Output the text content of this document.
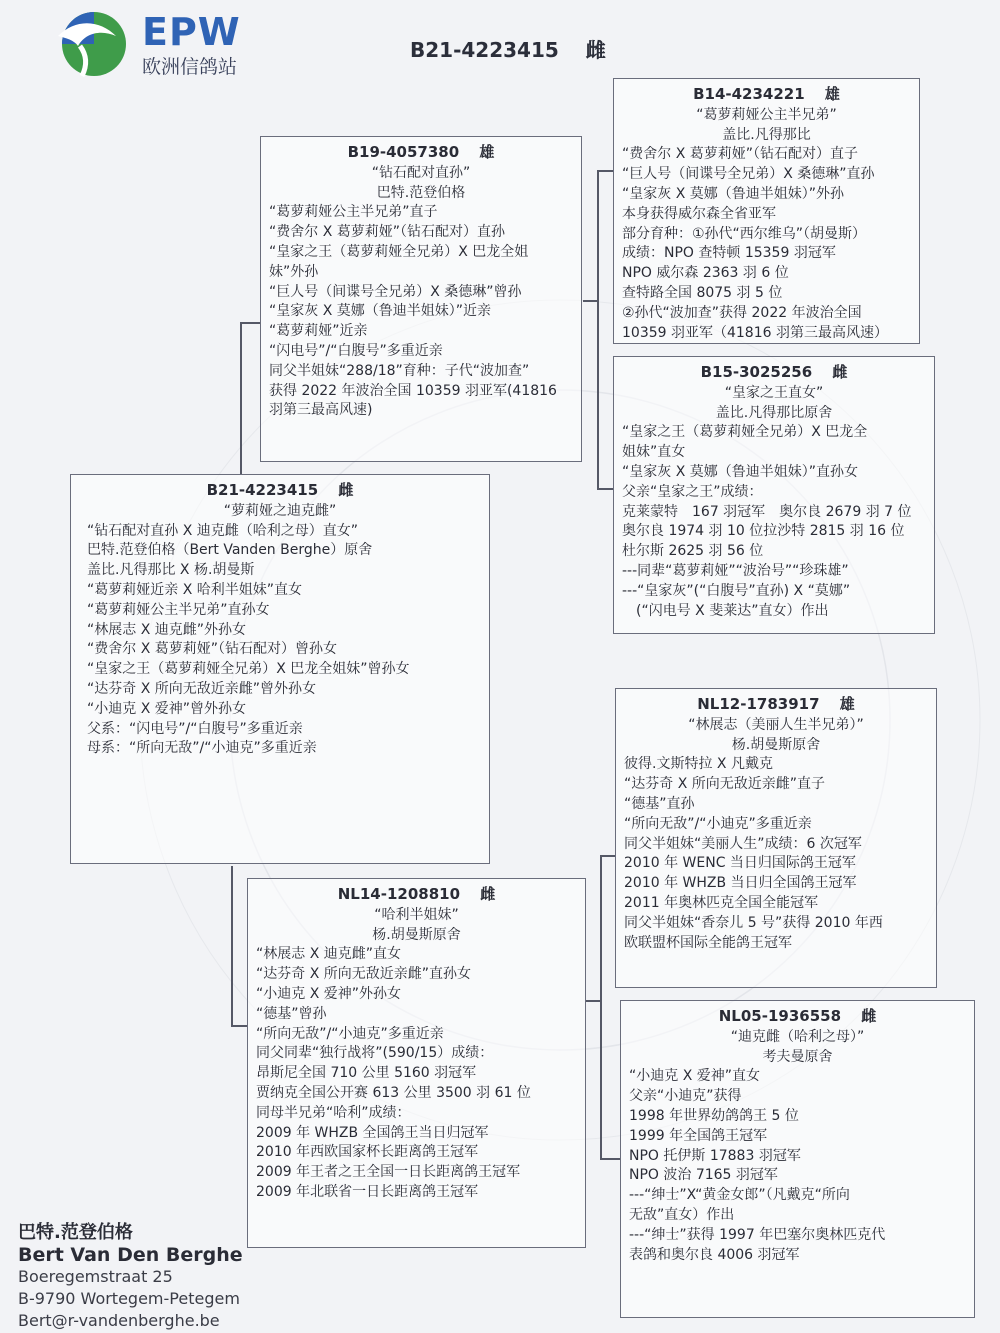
EPW
欧洲信鸽站
B21-4223415　 雌
B19-4057380　 雄
“钻石配对直孙”
巴特.范登伯格
“葛萝莉娅公主半兄弟”直子
“费舍尔 X 葛萝莉娅”（钻石配对）直孙
“皇家之王（葛萝莉娅全兄弟）X 巴龙全姐
妹”外孙
“巨人号（间谍号全兄弟）X 桑德琳”曾孙
“皇家灰 X 莫娜（鲁迪半姐妹）”近亲
“葛萝莉娅”近亲
“闪电号”/“白腹号”多重近亲
同父半姐妹“288/18”育种：子代“波加查”
获得 2022 年波治全国 10359 羽亚军(41816
羽第三最高风速)
B21-4223415　 雌
“萝莉娅之迪克雌”
“钻石配对直孙 X 迪克雌（哈利之母）直女”
巴特.范登伯格（Bert Vanden Berghe）原舍
盖比.凡得那比 X 杨.胡曼斯
“葛萝莉娅近亲 X 哈利半姐妹”直女
“葛萝莉娅公主半兄弟”直孙女
“林展志 X 迪克雌”外孙女
“费舍尔 X 葛萝莉娅”（钻石配对）曾孙女
“皇家之王（葛萝莉娅全兄弟）X 巴龙全姐妹”曾孙女
“达芬奇 X 所向无敌近亲雌”曾外孙女
“小迪克 X 爱神”曾外孙女
父系：“闪电号”/“白腹号”多重近亲
母系：“所向无敌”/“小迪克”多重近亲
NL14-1208810　 雌
“哈利半姐妹”
杨.胡曼斯原舍
“林展志 X 迪克雌”直女
“达芬奇 X 所向无敌近亲雌”直孙女
“小迪克 X 爱神”外孙女
“德基”曾孙
“所向无敌”/“小迪克”多重近亲
同父同辈“独行战将”(590/15）成绩：
昂斯尼全国 710 公里 5160 羽冠军
贾纳克全国公开赛 613 公里 3500 羽 61 位
同母半兄弟“哈利”成绩：
2009 年 WHZB 全国鸽王当日归冠军
2010 年西欧国家杯长距离鸽王冠军
2009 年王者之王全国一日长距离鸽王冠军
2009 年北联省一日长距离鸽王冠军
B14-4234221　 雄
“葛萝莉娅公主半兄弟”
盖比.凡得那比
“费舍尔 X 葛萝莉娅”（钻石配对）直子
“巨人号（间谍号全兄弟）X 桑德琳”直孙
“皇家灰 X 莫娜（鲁迪半姐妹）”外孙
本身获得威尔森全省亚军
部分育种：①孙代“西尔维乌”（胡曼斯）
成绩：NPO 查特顿 15359 羽冠军
NPO 威尔森 2363 羽 6 位
查特路全国 8075 羽 5 位
②孙代“波加查”获得 2022 年波治全国
10359 羽亚军（41816 羽第三最高风速）
B15-3025256　 雌
“皇家之王直女”
盖比.凡得那比原舍
“皇家之王（葛萝莉娅全兄弟）X 巴龙全
姐妹”直女
“皇家灰 X 莫娜（鲁迪半姐妹）”直孙女
父亲“皇家之王”成绩：
克莱蒙特　167 羽冠军　奥尔良 2679 羽 7 位
奥尔良 1974 羽 10 位拉沙特 2815 羽 16 位
杜尔斯 2625 羽 56 位
---同辈“葛萝莉娅”“波治号”“珍珠雄”
---“皇家灰”(“白腹号”直孙) X “莫娜”
　(“闪电号 X 斐莱达”直女）作出
NL12-1783917　 雄
“林展志（美丽人生半兄弟）”
杨.胡曼斯原舍
彼得.文斯特拉 X 凡戴克
“达芬奇 X 所向无敌近亲雌”直子
“德基”直孙
“所向无敌”/“小迪克”多重近亲
同父半姐妹“美丽人生”成绩：6 次冠军
2010 年 WENC 当日归国际鸽王冠军
2010 年 WHZB 当日归全国鸽王冠军
2011 年奥林匹克全国全能冠军
同父半姐妹“香奈儿 5 号”获得 2010 年西
欧联盟杯国际全能鸽王冠军
NL05-1936558　 雌
“迪克雌（哈利之母）”
考夫曼原舍
“小迪克 X 爱神”直女
父亲“小迪克”获得
1998 年世界幼鸽鸽王 5 位
1999 年全国鸽王冠军
NPO 托伊斯 17883 羽冠军
NPO 波治 7165 羽冠军
---“绅士”X“黄金女郎”（凡戴克“所向
无敌”直女）作出
---“绅士”获得 1997 年巴塞尔奥林匹克代
表鸽和奥尔良 4006 羽冠军
巴特.范登伯格
Bert Van Den Berghe
Boeregemstraat 25
B-9790 Wortegem-Petegem
Bert@r-vandenberghe.be
